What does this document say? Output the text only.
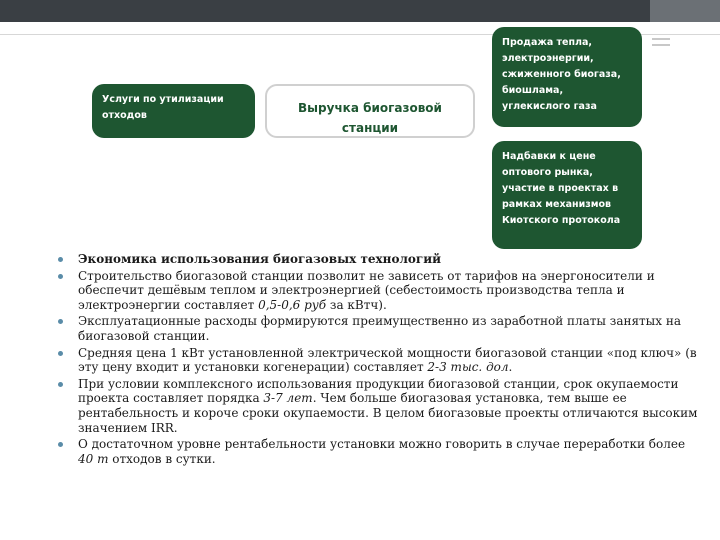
Услуги по утилизации отходов
Выручка биогазовой станции
Продажа тепла, электроэнергии, сжиженного биогаза, биошлама, углекислого газа
Надбавки к цене оптового рынка, участие в проектах в рамках механизмов Киотского протокола
Экономика использования биогазовых технологий
Строительство биогазовой станции позволит не зависеть от тарифов на энергоносители и обеспечит дешёвым теплом и электроэнергией (себестоимость производства тепла и электроэнергии составляет 0,5-0,6 руб за кВтч).
Эксплуатационные расходы формируются преимущественно из заработной платы занятых на биогазовой станции.
Средняя цена 1 кВт установленной электрической мощности биогазовой станции «под ключ» (в эту цену входит и установки когенерации) составляет 2-3 тыс. дол.
При условии комплексного использования продукции биогазовой станции, срок окупаемости проекта составляет порядка 3-7 лет. Чем больше биогазовая установка, тем выше ее рентабельность и короче сроки окупаемости. В целом биогазовые проекты отличаются высоким значением IRR.
О достаточном уровне рентабельности установки можно говорить в случае переработки более 40 т отходов в сутки.
